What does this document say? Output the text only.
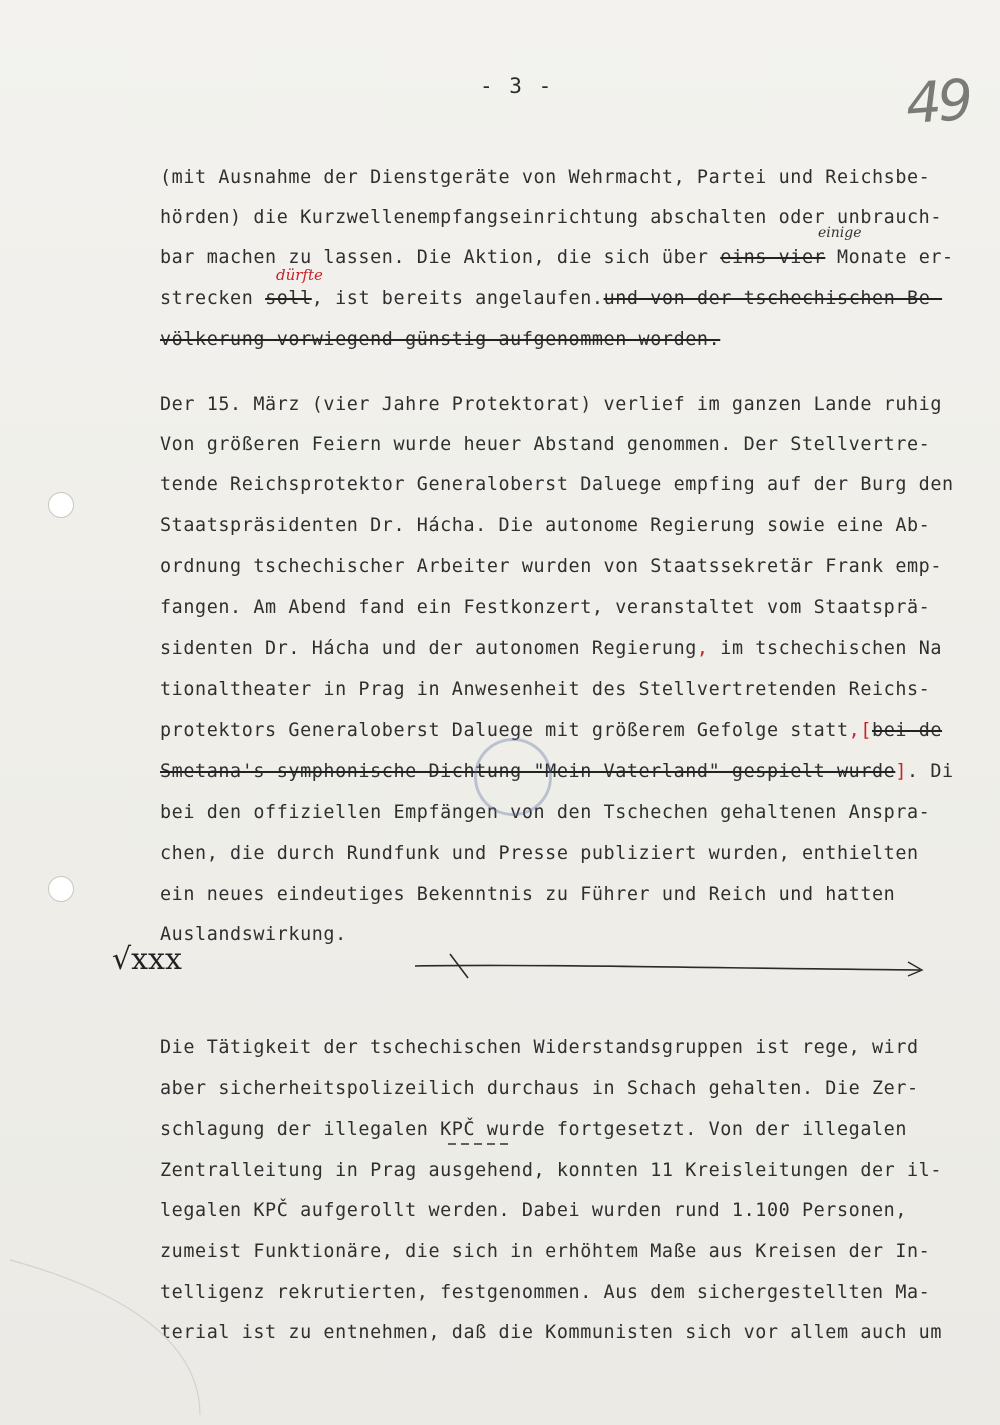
- 3 -	49
(mit Ausnahme der Dienstgeräte von Wehrmacht, Partei und Reichsbe-
hörden) die Kurzwellenempfangseinrichtung abschalten oder unbrauch-
bar machen zu lassen. Die Aktion, die sich über eins vier Monate er-
strecken soll, ist bereits angelaufen.und von der tschechischen Be-
völkerung vorwiegend günstig aufgenommen worden.
einige
dürfte
Der 15. März (vier Jahre Protektorat) verlief im ganzen Lande ruhig
Von größeren Feiern wurde heuer Abstand genommen. Der Stellvertre-
tende Reichsprotektor Generaloberst Daluege empfing auf der Burg den
Staatspräsidenten Dr. Hácha. Die autonome Regierung sowie eine Ab-
ordnung tschechischer Arbeiter wurden von Staatssekretär Frank emp-
fangen. Am Abend fand ein Festkonzert, veranstaltet vom Staatsprä-
sidenten Dr. Hácha und der autonomen Regierung, im tschechischen Na
tionaltheater in Prag in Anwesenheit des Stellvertretenden Reichs-
protektors Generaloberst Daluege mit größerem Gefolge statt,[bei de
Smetana's symphonische Dichtung "Mein Vaterland" gespielt wurde]. Di
bei den offiziellen Empfängen von den Tschechen gehaltenen Anspra-
chen, die durch Rundfunk und Presse publiziert wurden, enthielten
ein neues eindeutiges Bekenntnis zu Führer und Reich und hatten
Auslandswirkung.
√xxx
Die Tätigkeit der tschechischen Widerstandsgruppen ist rege, wird
aber sicherheitspolizeilich durchaus in Schach gehalten. Die Zer-
schlagung der illegalen KPČ wurde fortgesetzt. Von der illegalen
Zentralleitung in Prag ausgehend, konnten 11 Kreisleitungen der il-
legalen KPČ aufgerollt werden. Dabei wurden rund 1.100 Personen,
zumeist Funktionäre, die sich in erhöhtem Maße aus Kreisen der In-
telligenz rekrutierten, festgenommen. Aus dem sichergestellten Ma-
terial ist zu entnehmen, daß die Kommunisten sich vor allem auch um
